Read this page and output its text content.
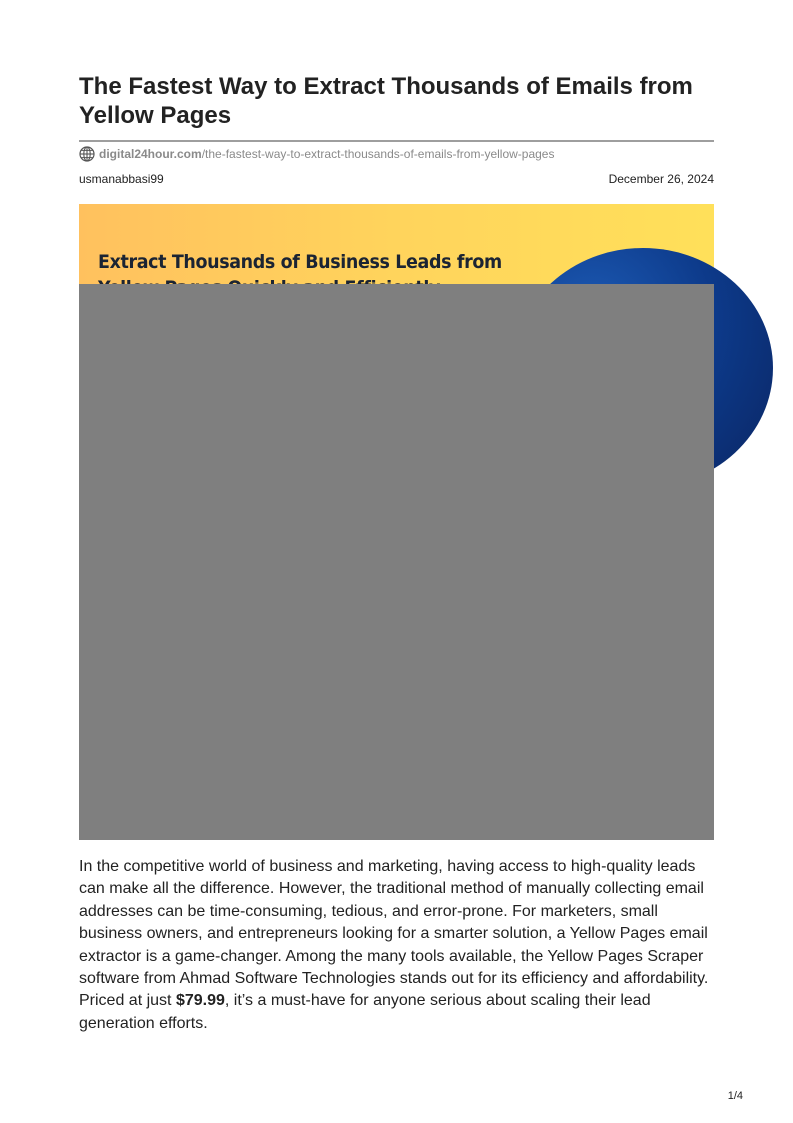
The Fastest Way to Extract Thousands of Emails from Yellow Pages
digital24hour.com /the-fastest-way-to-extract-thousands-of-emails-from-yellow-pages
usmanabbasi99	December 26, 2024
Extract Thousands of Business Leads from

In the competitive world of business and marketing, having access to high-quality leads can make all the difference. However, the traditional method of manually collecting email addresses can be time-consuming, tedious, and error-prone. For marketers, small business owners, and entrepreneurs looking for a smarter solution, a Yellow Pages email extractor is a game-changer. Among the many tools available, the Yellow Pages Scraper software from Ahmad Software Technologies stands out for its efficiency and affordability. Priced at just $79.99, it’s a must-have for anyone serious about scaling their lead generation efforts.

1/4
